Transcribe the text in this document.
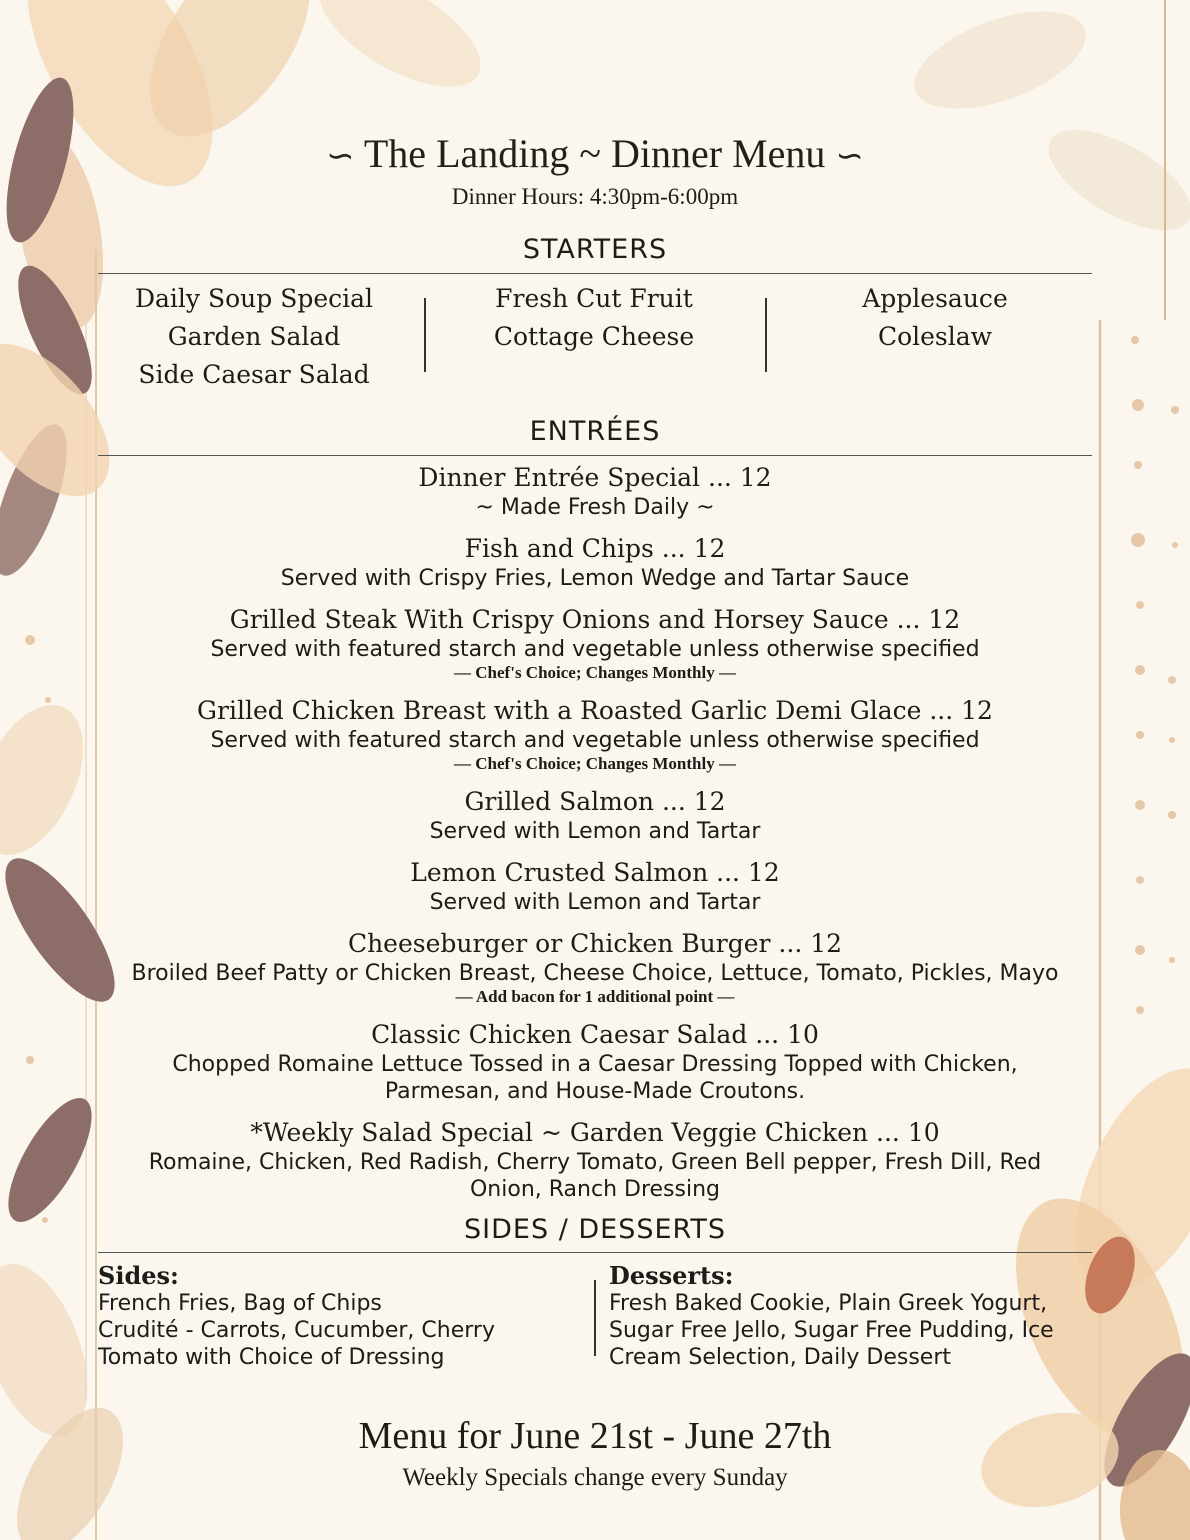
∽ The Landing ~ Dinner Menu ∽
Dinner Hours: 4:30pm-6:00pm
STARTERS
Daily Soup Special
Garden Salad
Side Caesar Salad
Fresh Cut Fruit
Cottage Cheese
Applesauce
Coleslaw
ENTRÉES
Dinner Entrée Special ... 12
~ Made Fresh Daily ~
Fish and Chips ... 12
Served with Crispy Fries, Lemon Wedge and Tartar Sauce
Grilled Steak With Crispy Onions and Horsey Sauce ... 12
Served with featured starch and vegetable unless otherwise specified
— Chef's Choice; Changes Monthly —
Grilled Chicken Breast with a Roasted Garlic Demi Glace ... 12
Served with featured starch and vegetable unless otherwise specified
— Chef's Choice; Changes Monthly —
Grilled Salmon ... 12
Served with Lemon and Tartar
Lemon Crusted Salmon ... 12
Served with Lemon and Tartar
Cheeseburger or Chicken Burger ... 12
Broiled Beef Patty or Chicken Breast, Cheese Choice, Lettuce, Tomato, Pickles, Mayo
— Add bacon for 1 additional point —
Classic Chicken Caesar Salad ... 10
Chopped Romaine Lettuce Tossed in a Caesar Dressing Topped with Chicken, Parmesan, and House-Made Croutons.
*Weekly Salad Special ~ Garden Veggie Chicken ... 10
Romaine, Chicken, Red Radish, Cherry Tomato, Green Bell pepper, Fresh Dill, Red Onion, Ranch Dressing
SIDES / DESSERTS
Sides:
French Fries, Bag of Chips
Crudité - Carrots, Cucumber, Cherry
Tomato with Choice of Dressing
Desserts:
Fresh Baked Cookie, Plain Greek Yogurt,
Sugar Free Jello, Sugar Free Pudding, Ice
Cream Selection, Daily Dessert
Menu for June 21st - June 27th
Weekly Specials change every Sunday
